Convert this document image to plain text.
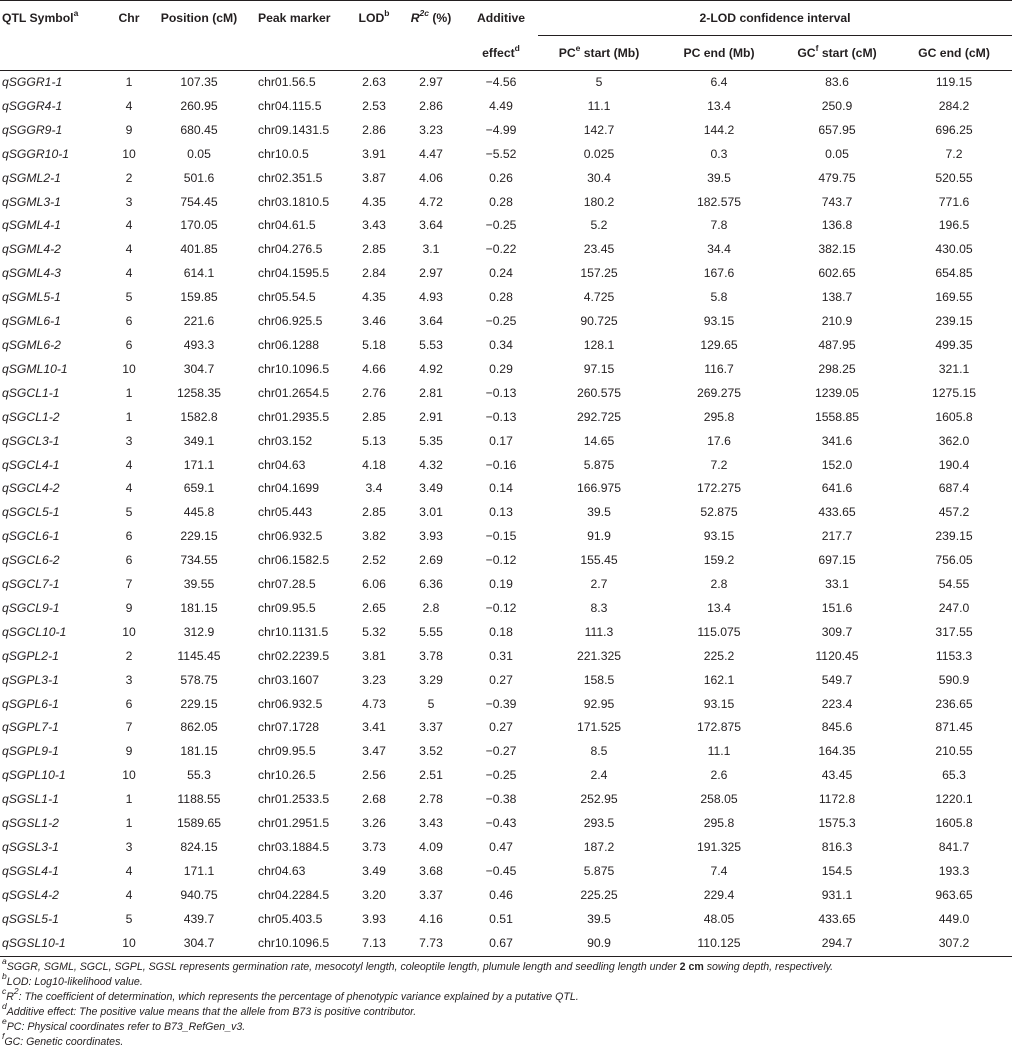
QTL Symbol$^a$	Chr	Position (cM)	Peak marker	LOD$^b$	$R^{2c}$ (%)	Additive	2-LOD confidence interval			
						effect$^d$	$PC^e$ start (Mb)	PC end (Mb)	$GC^f$ start (cM)	GC end (cM)
qSGGR1-1	1	107.35	chr01.56.5	2.63	2.97	−4.56	5	6.4	83.6	119.15
qSGGR4-1	4	260.95	chr04.115.5	2.53	2.86	4.49	11.1	13.4	250.9	284.2
qSGGR9-1	9	680.45	chr09.1431.5	2.86	3.23	−4.99	142.7	144.2	657.95	696.25
qSGGR10-1	10	0.05	chr10.0.5	3.91	4.47	−5.52	0.025	0.3	0.05	7.2
qSGML2-1	2	501.6	chr02.351.5	3.87	4.06	0.26	30.4	39.5	479.75	520.55
qSGML3-1	3	754.45	chr03.1810.5	4.35	4.72	0.28	180.2	182.575	743.7	771.6
qSGML4-1	4	170.05	chr04.61.5	3.43	3.64	−0.25	5.2	7.8	136.8	196.5
qSGML4-2	4	401.85	chr04.276.5	2.85	3.1	−0.22	23.45	34.4	382.15	430.05
qSGML4-3	4	614.1	chr04.1595.5	2.84	2.97	0.24	157.25	167.6	602.65	654.85
qSGML5-1	5	159.85	chr05.54.5	4.35	4.93	0.28	4.725	5.8	138.7	169.55
qSGML6-1	6	221.6	chr06.925.5	3.46	3.64	−0.25	90.725	93.15	210.9	239.15
qSGML6-2	6	493.3	chr06.1288	5.18	5.53	0.34	128.1	129.65	487.95	499.35
qSGML10-1	10	304.7	chr10.1096.5	4.66	4.92	0.29	97.15	116.7	298.25	321.1
qSGCL1-1	1	1258.35	chr01.2654.5	2.76	2.81	−0.13	260.575	269.275	1239.05	1275.15
qSGCL1-2	1	1582.8	chr01.2935.5	2.85	2.91	−0.13	292.725	295.8	1558.85	1605.8
qSGCL3-1	3	349.1	chr03.152	5.13	5.35	0.17	14.65	17.6	341.6	362.0
qSGCL4-1	4	171.1	chr04.63	4.18	4.32	−0.16	5.875	7.2	152.0	190.4
qSGCL4-2	4	659.1	chr04.1699	3.4	3.49	0.14	166.975	172.275	641.6	687.4
qSGCL5-1	5	445.8	chr05.443	2.85	3.01	0.13	39.5	52.875	433.65	457.2
qSGCL6-1	6	229.15	chr06.932.5	3.82	3.93	−0.15	91.9	93.15	217.7	239.15
qSGCL6-2	6	734.55	chr06.1582.5	2.52	2.69	−0.12	155.45	159.2	697.15	756.05
qSGCL7-1	7	39.55	chr07.28.5	6.06	6.36	0.19	2.7	2.8	33.1	54.55
qSGCL9-1	9	181.15	chr09.95.5	2.65	2.8	−0.12	8.3	13.4	151.6	247.0
qSGCL10-1	10	312.9	chr10.1131.5	5.32	5.55	0.18	111.3	115.075	309.7	317.55
qSGPL2-1	2	1145.45	chr02.2239.5	3.81	3.78	0.31	221.325	225.2	1120.45	1153.3
qSGPL3-1	3	578.75	chr03.1607	3.23	3.29	0.27	158.5	162.1	549.7	590.9
qSGPL6-1	6	229.15	chr06.932.5	4.73	5	−0.39	92.95	93.15	223.4	236.65
qSGPL7-1	7	862.05	chr07.1728	3.41	3.37	0.27	171.525	172.875	845.6	871.45
qSGPL9-1	9	181.15	chr09.95.5	3.47	3.52	−0.27	8.5	11.1	164.35	210.55
qSGPL10-1	10	55.3	chr10.26.5	2.56	2.51	−0.25	2.4	2.6	43.45	65.3
qSGSL1-1	1	1188.55	chr01.2533.5	2.68	2.78	−0.38	252.95	258.05	1172.8	1220.1
qSGSL1-2	1	1589.65	chr01.2951.5	3.26	3.43	−0.43	293.5	295.8	1575.3	1605.8
qSGSL3-1	3	824.15	chr03.1884.5	3.73	4.09	0.47	187.2	191.325	816.3	841.7
qSGSL4-1	4	171.1	chr04.63	3.49	3.68	−0.45	5.875	7.4	154.5	193.3
qSGSL4-2	4	940.75	chr04.2284.5	3.20	3.37	0.46	225.25	229.4	931.1	963.65
qSGSL5-1	5	439.7	chr05.403.5	3.93	4.16	0.51	39.5	48.05	433.65	449.0
qSGSL10-1	10	304.7	chr10.1096.5	7.13	7.73	0.67	90.9	110.125	294.7	307.2
$^a$SGGR, SGML, SGCL, SGPL, SGSL represents germination rate, mesocotyl length, coleoptile length, plumule length and seedling length under 2 cm sowing depth, respectively.
$^b$LOD: Log10-likelihood value.
$^cR^2$: The coefficient of determination, which represents the percentage of phenotypic variance explained by a putative QTL.
$^d$Additive effect: The positive value means that the allele from B73 is positive contributor.
$^e$PC: Physical coordinates refer to B73_RefGen_v3.
$^f$GC: Genetic coordinates.
